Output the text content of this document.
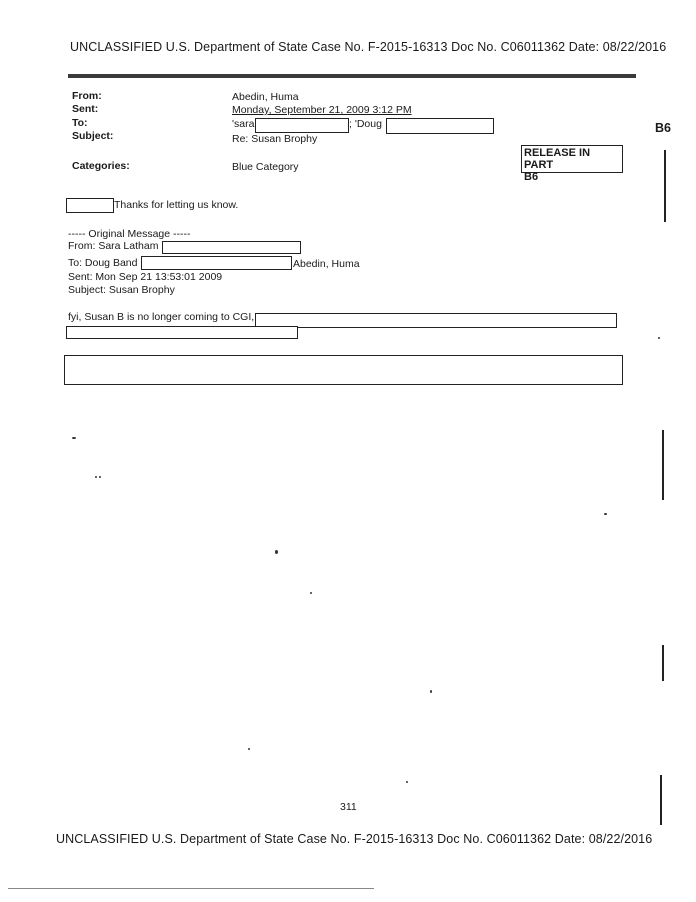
UNCLASSIFIED U.S. Department of State Case No. F-2015-16313 Doc No. C06011362 Date: 08/22/2016
From:	Abedin, Huma
Sent:	Monday, September 21, 2009 3:12 PM
To:	'sara	; 'Doug
Subject:	Re: Susan Brophy
Categories:	Blue Category
B6
RELEASE IN PART
B6
Thanks for letting us know.
----- Original Message -----
From: Sara Latham
To: Doug Band	Abedin, Huma
Sent: Mon Sep 21 13:53:01 2009
Subject: Susan Brophy
fyi, Susan B is no longer coming to CGI,
311
UNCLASSIFIED U.S. Department of State Case No. F-2015-16313 Doc No. C06011362 Date: 08/22/2016
